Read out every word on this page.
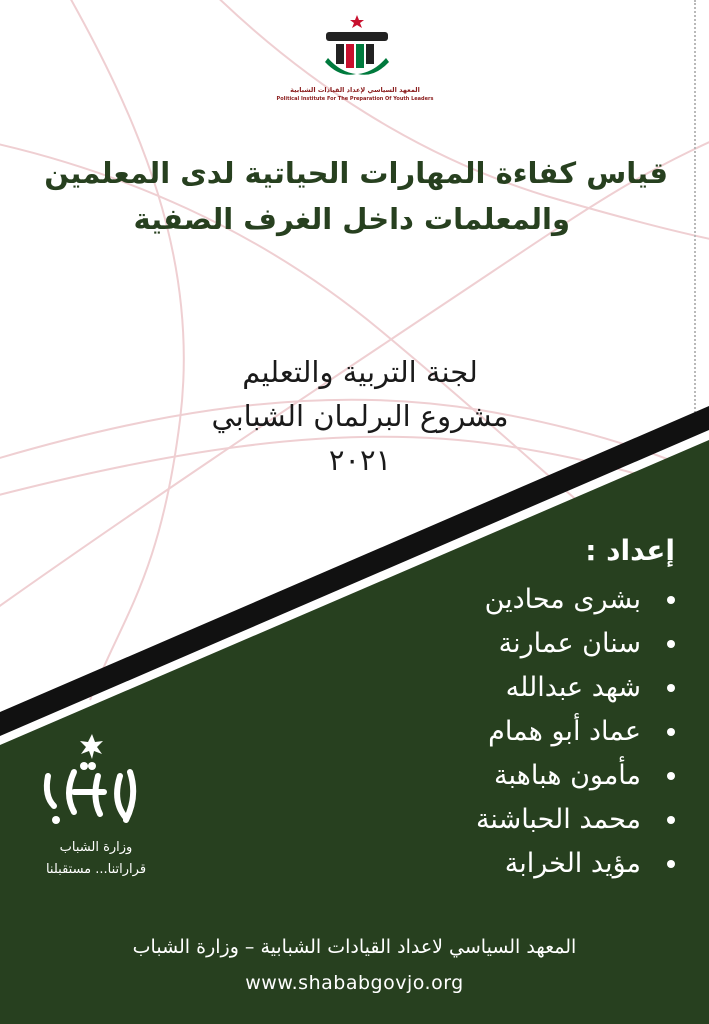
المعهد السياسي لإعداد القيادات الشبابية
Political Institute For The Preparation Of Youth Leaders
قياس كفاءة المهارات الحياتية لدى المعلمين
والمعلمات داخل الغرف الصفية
لجنة التربية والتعليم
مشروع البرلمان الشبابي
٢٠٢١
إعداد :
بشرى محادين
سنان عمارنة
شهد عبدالله
عماد أبو همام
مأمون هباهبة
محمد الحباشنة
مؤيد الخرابة
وزارة الشباب
قراراتنا... مستقبلنا
المعهد السياسي لاعداد القيادات الشبابية – وزارة الشباب
www.shababgovjo.org
